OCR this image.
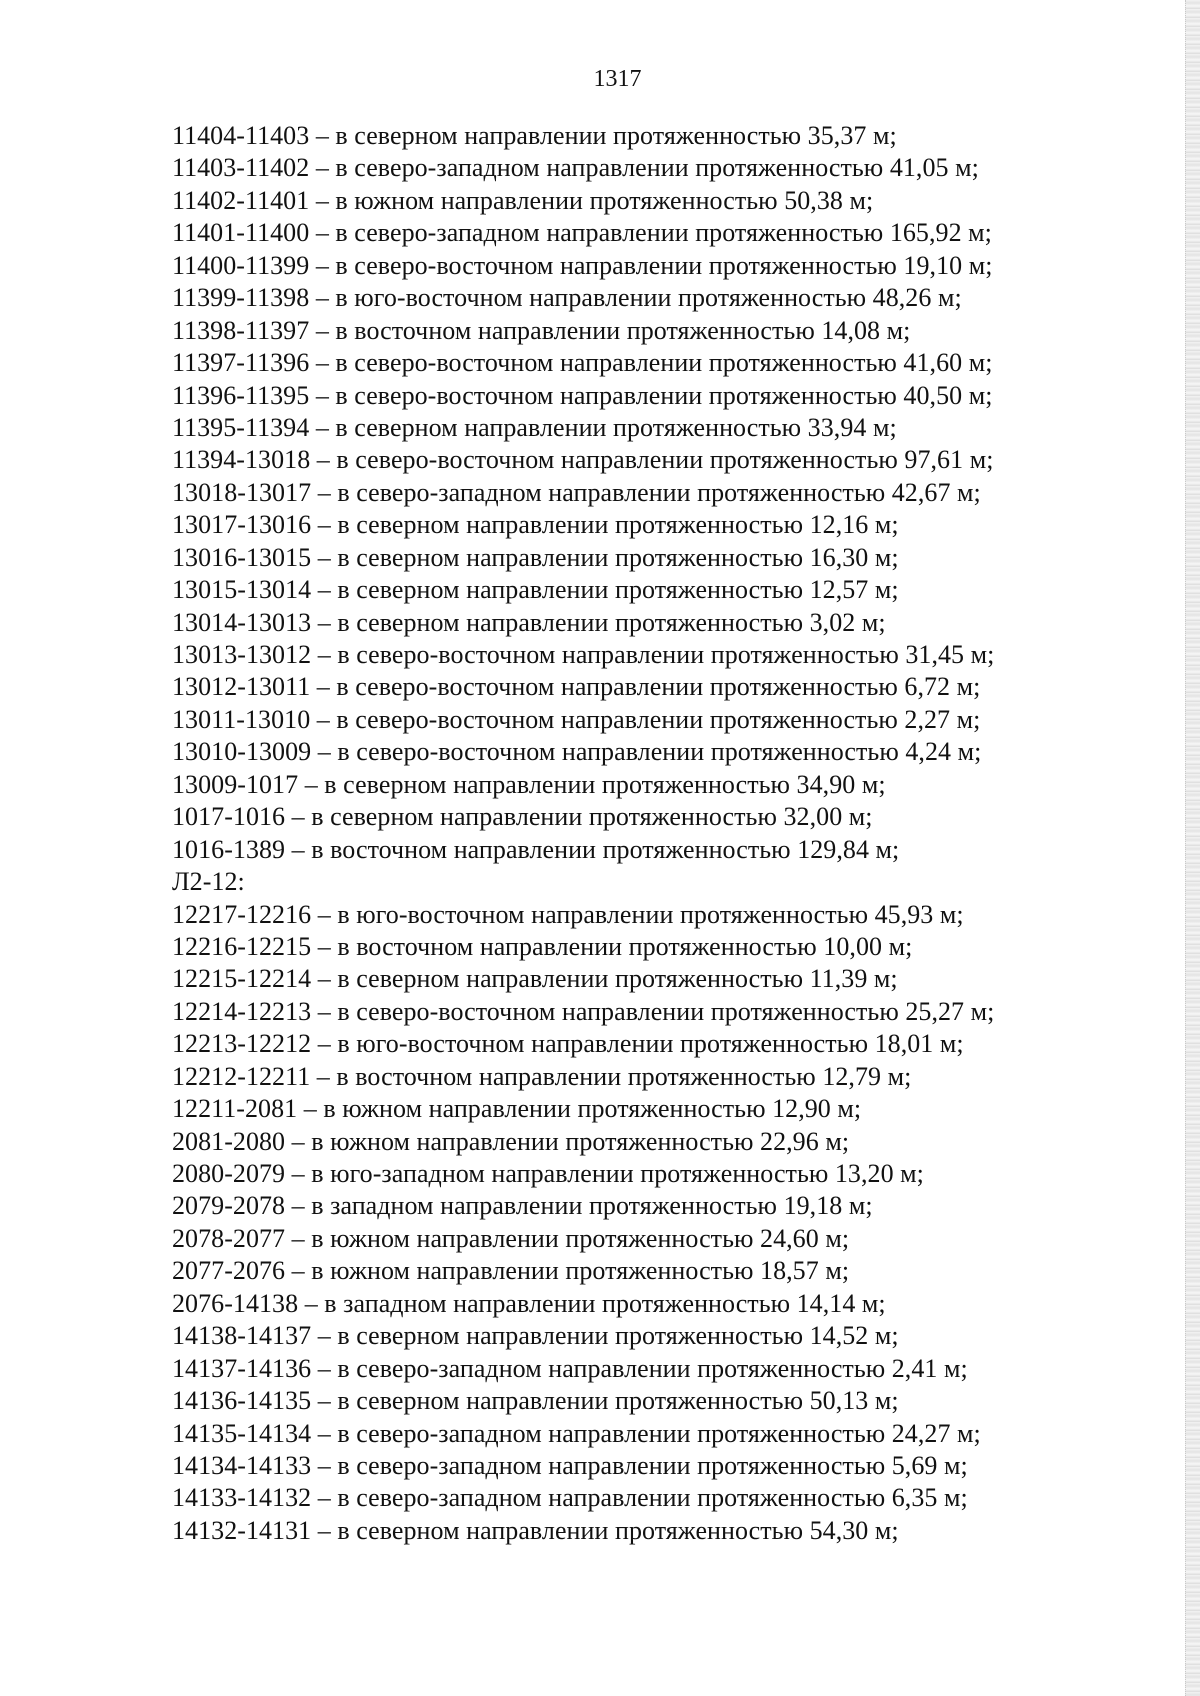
1317
11404-11403 – в северном направлении протяженностью 35,37 м;
11403-11402 – в северо-западном направлении протяженностью 41,05 м;
11402-11401 – в южном направлении протяженностью 50,38 м;
11401-11400 – в северо-западном направлении протяженностью 165,92 м;
11400-11399 – в северо-восточном направлении протяженностью 19,10 м;
11399-11398 – в юго-восточном направлении протяженностью 48,26 м;
11398-11397 – в восточном направлении протяженностью 14,08 м;
11397-11396 – в северо-восточном направлении протяженностью 41,60 м;
11396-11395 – в северо-восточном направлении протяженностью 40,50 м;
11395-11394 – в северном направлении протяженностью 33,94 м;
11394-13018 – в северо-восточном направлении протяженностью 97,61 м;
13018-13017 – в северо-западном направлении протяженностью 42,67 м;
13017-13016 – в северном направлении протяженностью 12,16 м;
13016-13015 – в северном направлении протяженностью 16,30 м;
13015-13014 – в северном направлении протяженностью 12,57 м;
13014-13013 – в северном направлении протяженностью 3,02 м;
13013-13012 – в северо-восточном направлении протяженностью 31,45 м;
13012-13011 – в северо-восточном направлении протяженностью 6,72 м;
13011-13010 – в северо-восточном направлении протяженностью 2,27 м;
13010-13009 – в северо-восточном направлении протяженностью 4,24 м;
13009-1017 – в северном направлении протяженностью 34,90 м;
1017-1016 – в северном направлении протяженностью 32,00 м;
1016-1389 – в восточном направлении протяженностью 129,84 м;
Л2-12:
12217-12216 – в юго-восточном направлении протяженностью 45,93 м;
12216-12215 – в восточном направлении протяженностью 10,00 м;
12215-12214 – в северном направлении протяженностью 11,39 м;
12214-12213 – в северо-восточном направлении протяженностью 25,27 м;
12213-12212 – в юго-восточном направлении протяженностью 18,01 м;
12212-12211 – в восточном направлении протяженностью 12,79 м;
12211-2081 – в южном направлении протяженностью 12,90 м;
2081-2080 – в южном направлении протяженностью 22,96 м;
2080-2079 – в юго-западном направлении протяженностью 13,20 м;
2079-2078 – в западном направлении протяженностью 19,18 м;
2078-2077 – в южном направлении протяженностью 24,60 м;
2077-2076 – в южном направлении протяженностью 18,57 м;
2076-14138 – в западном направлении протяженностью 14,14 м;
14138-14137 – в северном направлении протяженностью 14,52 м;
14137-14136 – в северо-западном направлении протяженностью 2,41 м;
14136-14135 – в северном направлении протяженностью 50,13 м;
14135-14134 – в северо-западном направлении протяженностью 24,27 м;
14134-14133 – в северо-западном направлении протяженностью 5,69 м;
14133-14132 – в северо-западном направлении протяженностью 6,35 м;
14132-14131 – в северном направлении протяженностью 54,30 м;
